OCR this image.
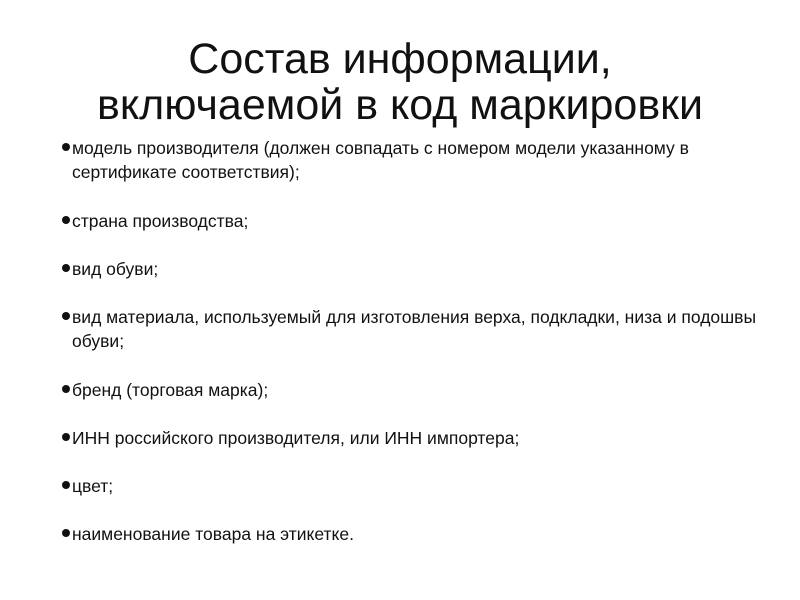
Состав информации,
включаемой в код маркировки
модель производителя (должен совпадать с номером модели указанному в сертификате соответствия);
страна производства;
вид обуви;
вид материала, используемый для изготовления верха, подкладки, низа и подошвы обуви;
бренд (торговая марка);
ИНН российского производителя, или ИНН импортера;
цвет;
наименование товара на этикетке.
